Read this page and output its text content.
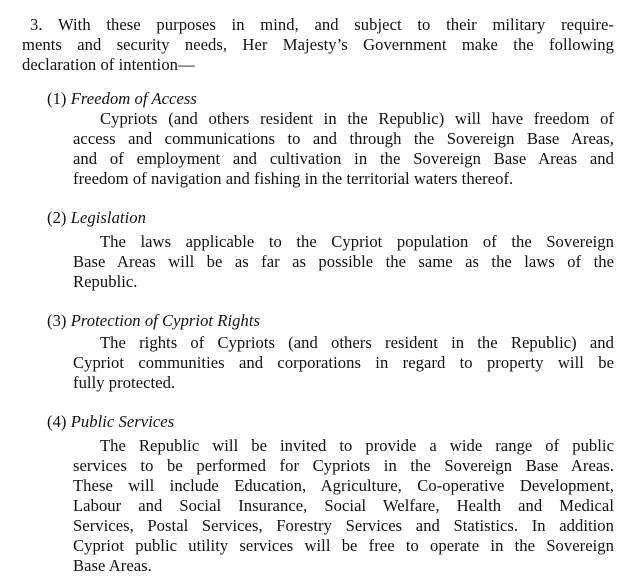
3. With these purposes in mind, and subject to their military require-
ments and security needs, Her Majesty’s Government make the following
declaration of intention—
(1) Freedom of Access
Cypriots (and others resident in the Republic) will have freedom of
access and communications to and through the Sovereign Base Areas,
and of employment and cultivation in the Sovereign Base Areas and
freedom of navigation and fishing in the territorial waters thereof.
(2) Legislation
The laws applicable to the Cypriot population of the Sovereign
Base Areas will be as far as possible the same as the laws of the
Republic.
(3) Protection of Cypriot Rights
The rights of Cypriots (and others resident in the Republic) and
Cypriot communities and corporations in regard to property will be
fully protected.
(4) Public Services
The Republic will be invited to provide a wide range of public
services to be performed for Cypriots in the Sovereign Base Areas.
These will include Education, Agriculture, Co-operative Development,
Labour and Social Insurance, Social Welfare, Health and Medical
Services, Postal Services, Forestry Services and Statistics. In addition
Cypriot public utility services will be free to operate in the Sovereign
Base Areas.
